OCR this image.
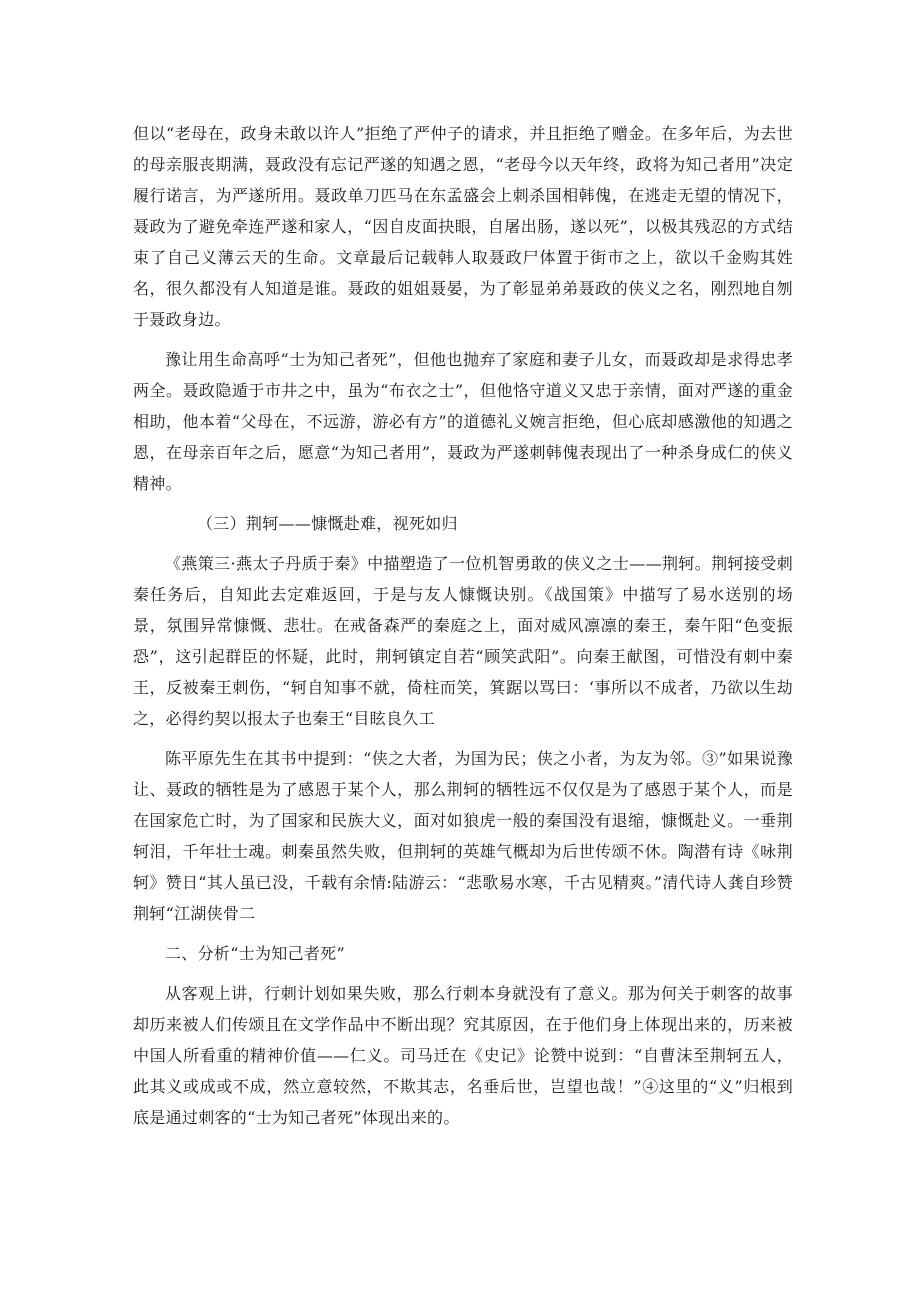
但以“老母在，政身未敢以许人”拒绝了严仲子的请求，并且拒绝了赠金。在多年后，为去世的母亲服丧期满，聂政没有忘记严遂的知遇之恩，“老母今以天年终，政将为知己者用”决定履行诺言，为严遂所用。聂政单刀匹马在东孟盛会上刺杀国相韩傀，在逃走无望的情况下，聂政为了避免牵连严遂和家人，“因自皮面抉眼，自屠出肠，遂以死”，以极其残忍的方式结束了自己义薄云天的生命。文章最后记载韩人取聂政尸体置于街市之上，欲以千金购其姓名，很久都没有人知道是谁。聂政的姐姐聂晏，为了彰显弟弟聂政的侠义之名，刚烈地自刎于聂政身边。

豫让用生命高呼“士为知己者死”，但他也抛弃了家庭和妻子儿女，而聂政却是求得忠孝两全。聂政隐遁于市井之中，虽为“布衣之士”，但他恪守道义又忠于亲情，面对严遂的重金相助，他本着“父母在，不远游，游必有方”的道德礼义婉言拒绝，但心底却感激他的知遇之恩，在母亲百年之后，愿意“为知己者用”，聂政为严遂刺韩傀表现出了一种杀身成仁的侠义精神。

（三）荆轲——慷慨赴难，视死如归

《燕策三·燕太子丹质于秦》中描塑造了一位机智勇敢的侠义之士——荆轲。荆轲接受刺秦任务后，自知此去定难返回，于是与友人慷慨诀别。《战国策》中描写了易水送别的场景，氛围异常慷慨、悲壮。在戒备森严的秦庭之上，面对威风凛凛的秦王，秦午阳“色变振恐”，这引起群臣的怀疑，此时，荆轲镇定自若“顾笑武阳”。向秦王献图，可惜没有刺中秦王，反被秦王刺伤，“轲自知事不就，倚柱而笑，箕踞以骂曰：‘事所以不成者，乃欲以生劫之，必得约契以报太子也秦王“目眩良久工

陈平原先生在其书中提到：“侠之大者，为国为民；侠之小者，为友为邻。③”如果说豫让、聂政的牺牲是为了感恩于某个人，那么荆轲的牺牲远不仅仅是为了感恩于某个人，而是在国家危亡时，为了国家和民族大义，面对如狼虎一般的秦国没有退缩，慷慨赴义。一垂荆轲泪，千年壮士魂。刺秦虽然失败，但荆轲的英雄气概却为后世传颂不休。陶潜有诗《咏荆轲》赞日“其人虽已没，千载有余情:陆游云：“悲歌易水寒，千古见精爽。”清代诗人龚自珍赞荆轲“江湖侠骨二

二、分析“士为知己者死”

从客观上讲，行刺计划如果失败，那么行刺本身就没有了意义。那为何关于刺客的故事却历来被人们传颂且在文学作品中不断出现？究其原因，在于他们身上体现出来的，历来被中国人所看重的精神价值——仁义。司马迁在《史记》论赞中说到：“自曹沫至荆轲五人，此其义或成或不成，然立意较然，不欺其志，名垂后世，岂望也哉！”④这里的“义”归根到底是通过刺客的“士为知己者死”体现出来的。
